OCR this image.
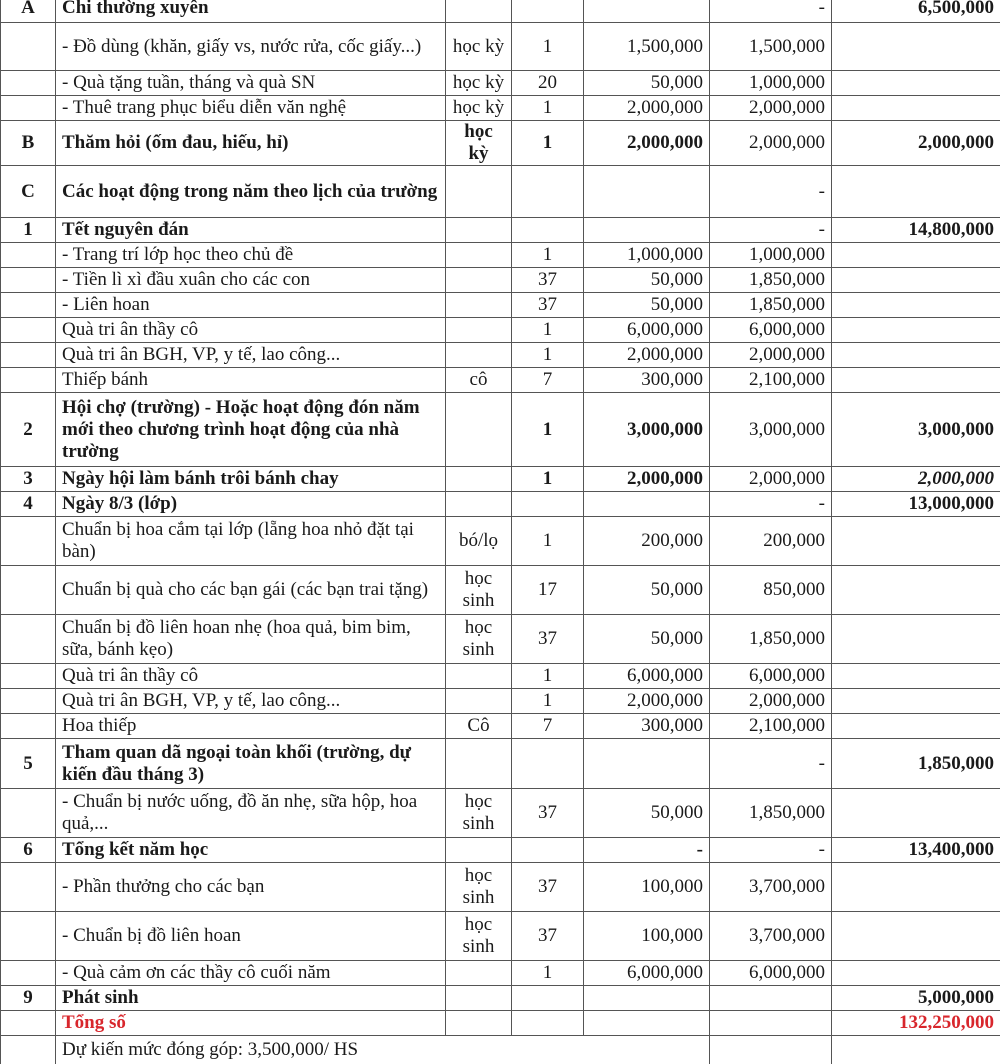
A	Chi thường xuyên				-	6,500,000
	- Đồ dùng (khăn, giấy vs, nước rửa, cốc giấy...)	học kỳ	1	1,500,000	1,500,000	
	- Quà tặng tuần, tháng và quà SN	học kỳ	20	50,000	1,000,000	
	- Thuê trang phục biểu diễn văn nghệ	học kỳ	1	2,000,000	2,000,000	
B	Thăm hỏi (ốm đau, hiếu, hỉ)	học kỳ	1	2,000,000	2,000,000	2,000,000
C	Các hoạt động trong năm theo lịch của trường				-	
1	Tết nguyên đán				-	14,800,000
	- Trang trí lớp học theo chủ đề		1	1,000,000	1,000,000	
	- Tiền lì xì đầu xuân cho các con		37	50,000	1,850,000	
	- Liên hoan		37	50,000	1,850,000	
	Quà tri ân thầy cô		1	6,000,000	6,000,000	
	Quà tri ân BGH, VP, y tế, lao công...		1	2,000,000	2,000,000	
	Thiếp bánh	cô	7	300,000	2,100,000	
2	Hội chợ (trường) - Hoặc hoạt động đón năm mới theo chương trình hoạt động của nhà trường		1	3,000,000	3,000,000	3,000,000
3	Ngày hội làm bánh trôi bánh chay		1	2,000,000	2,000,000	2,000,000
4	Ngày 8/3 (lớp)				-	13,000,000
	Chuẩn bị hoa cắm tại lớp (lẵng hoa nhỏ đặt tại bàn)	bó/lọ	1	200,000	200,000	
	Chuẩn bị quà cho các bạn gái (các bạn trai tặng)	học sinh	17	50,000	850,000	
	Chuẩn bị đồ liên hoan nhẹ (hoa quả, bim bim, sữa, bánh kẹo)	học sinh	37	50,000	1,850,000	
	Quà tri ân thầy cô		1	6,000,000	6,000,000	
	Quà tri ân BGH, VP, y tế, lao công...		1	2,000,000	2,000,000	
	Hoa thiếp	Cô	7	300,000	2,100,000	
5	Tham quan dã ngoại toàn khối (trường, dự kiến đầu tháng 3)				-	1,850,000
	- Chuẩn bị nước uống, đồ ăn nhẹ, sữa hộp, hoa quả,...	học sinh	37	50,000	1,850,000	
6	Tổng kết năm học			-	-	13,400,000
	- Phần thưởng cho các bạn	học sinh	37	100,000	3,700,000	
	- Chuẩn bị đồ liên hoan	học sinh	37	100,000	3,700,000	
	- Quà cảm ơn các thầy cô cuối năm		1	6,000,000	6,000,000	
9	Phát sinh					5,000,000
	Tổng số					132,250,000
	Dự kiến mức đóng góp: 3,500,000/ HS					
